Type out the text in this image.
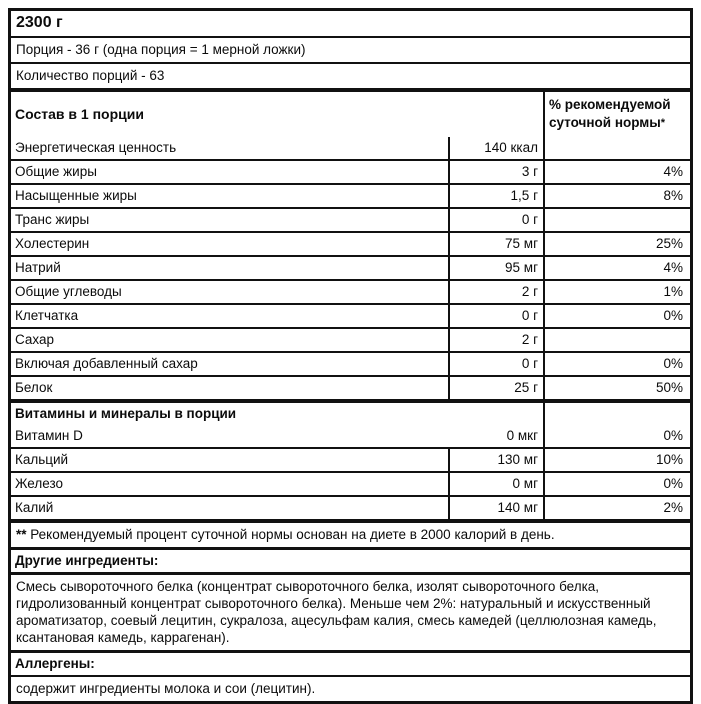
2300 г
Порция - 36 г (одна порция = 1 мерной ложки)
Количество порций - 63
Состав в 1 порции
% рекомендуемой
суточной нормы*
Энергетическая ценность	140 ккал
Общие жиры	3 г	4%
Насыщенные жиры	1,5 г	8%
Транс жиры	0 г
Холестерин	75 мг	25%
Натрий	95 мг	4%
Общие углеводы	2 г	1%
Клетчатка	0 г	0%
Сахар	2 г
Включая добавленный сахар	0 г	0%
Белок	25 г	50%
Витамины и минералы в порции
Витамин D	0 мкг	0%
Кальций	130 мг	10%
Железо	0 мг	0%
Калий	140 мг	2%
** Рекомендуемый процент суточной нормы основан на диете в 2000 калорий в день.
Другие ингредиенты:
Смесь сывороточного белка (концентрат сывороточного белка, изолят сывороточного белка, гидролизованный концентрат сывороточного белка). Меньше чем 2%: натуральный и искусственный ароматизатор, соевый лецитин, сукралоза, ацесульфам калия, смесь камедей (целлюлозная камедь, ксантановая камедь, каррагенан).
Аллергены:
содержит ингредиенты молока и сои (лецитин).
